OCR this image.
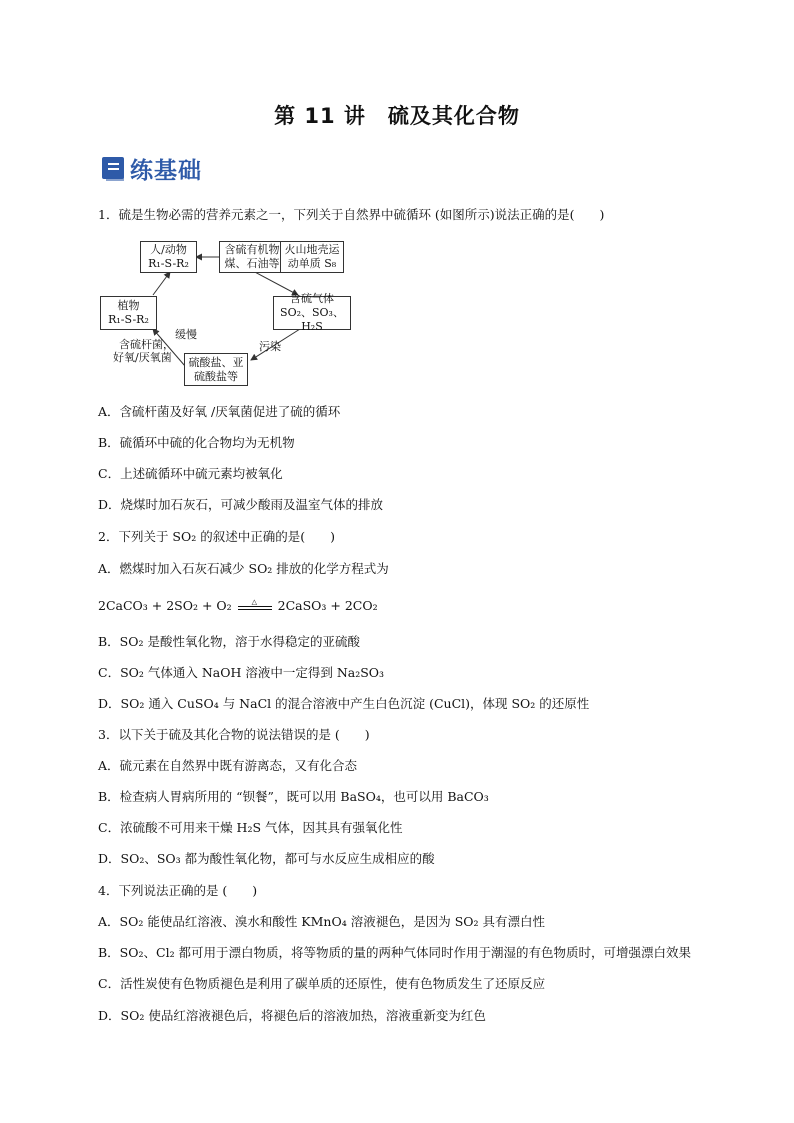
第 11 讲　硫及其化合物
练基础
1．硫是生物必需的营养元素之一，下列关于自然界中硫循环 (如图所示)说法正确的是(　　)
人/动物
R₁-S-R₂
含硫有机物
煤、石油等
火山地壳运
动单质 S₈
植物
R₁-S-R₂
含硫气体
SO₂、SO₃、H₂S
硫酸盐、亚
硫酸盐等
缓慢
含硫杆菌，
好氧/厌氧菌
污染
A．含硫杆菌及好氧 /厌氧菌促进了硫的循环
B．硫循环中硫的化合物均为无机物
C．上述硫循环中硫元素均被氧化
D．烧煤时加石灰石，可减少酸雨及温室气体的排放
2．下列关于 SO₂ 的叙述中正确的是(　　)
A．燃煤时加入石灰石减少 SO₂ 排放的化学方程式为
2CaCO₃ + 2SO₂ + O₂	△ 2CaSO₃ + 2CO₂
B．SO₂ 是酸性氧化物，溶于水得稳定的亚硫酸
C．SO₂ 气体通入 NaOH 溶液中一定得到 Na₂SO₃
D．SO₂ 通入 CuSO₄ 与 NaCl 的混合溶液中产生白色沉淀 (CuCl)，体现 SO₂ 的还原性
3．以下关于硫及其化合物的说法错误的是 (　　)
A．硫元素在自然界中既有游离态，又有化合态
B．检查病人胃病所用的 “钡餐”，既可以用 BaSO₄，也可以用 BaCO₃
C．浓硫酸不可用来干燥 H₂S 气体，因其具有强氧化性
D．SO₂、SO₃ 都为酸性氧化物，都可与水反应生成相应的酸
4．下列说法正确的是 (　　)
A．SO₂ 能使品红溶液、溴水和酸性 KMnO₄ 溶液褪色，是因为 SO₂ 具有漂白性
B．SO₂、Cl₂ 都可用于漂白物质，将等物质的量的两种气体同时作用于潮湿的有色物质时，可增强漂白效果
C．活性炭使有色物质褪色是利用了碳单质的还原性，使有色物质发生了还原反应
D．SO₂ 使品红溶液褪色后，将褪色后的溶液加热，溶液重新变为红色
